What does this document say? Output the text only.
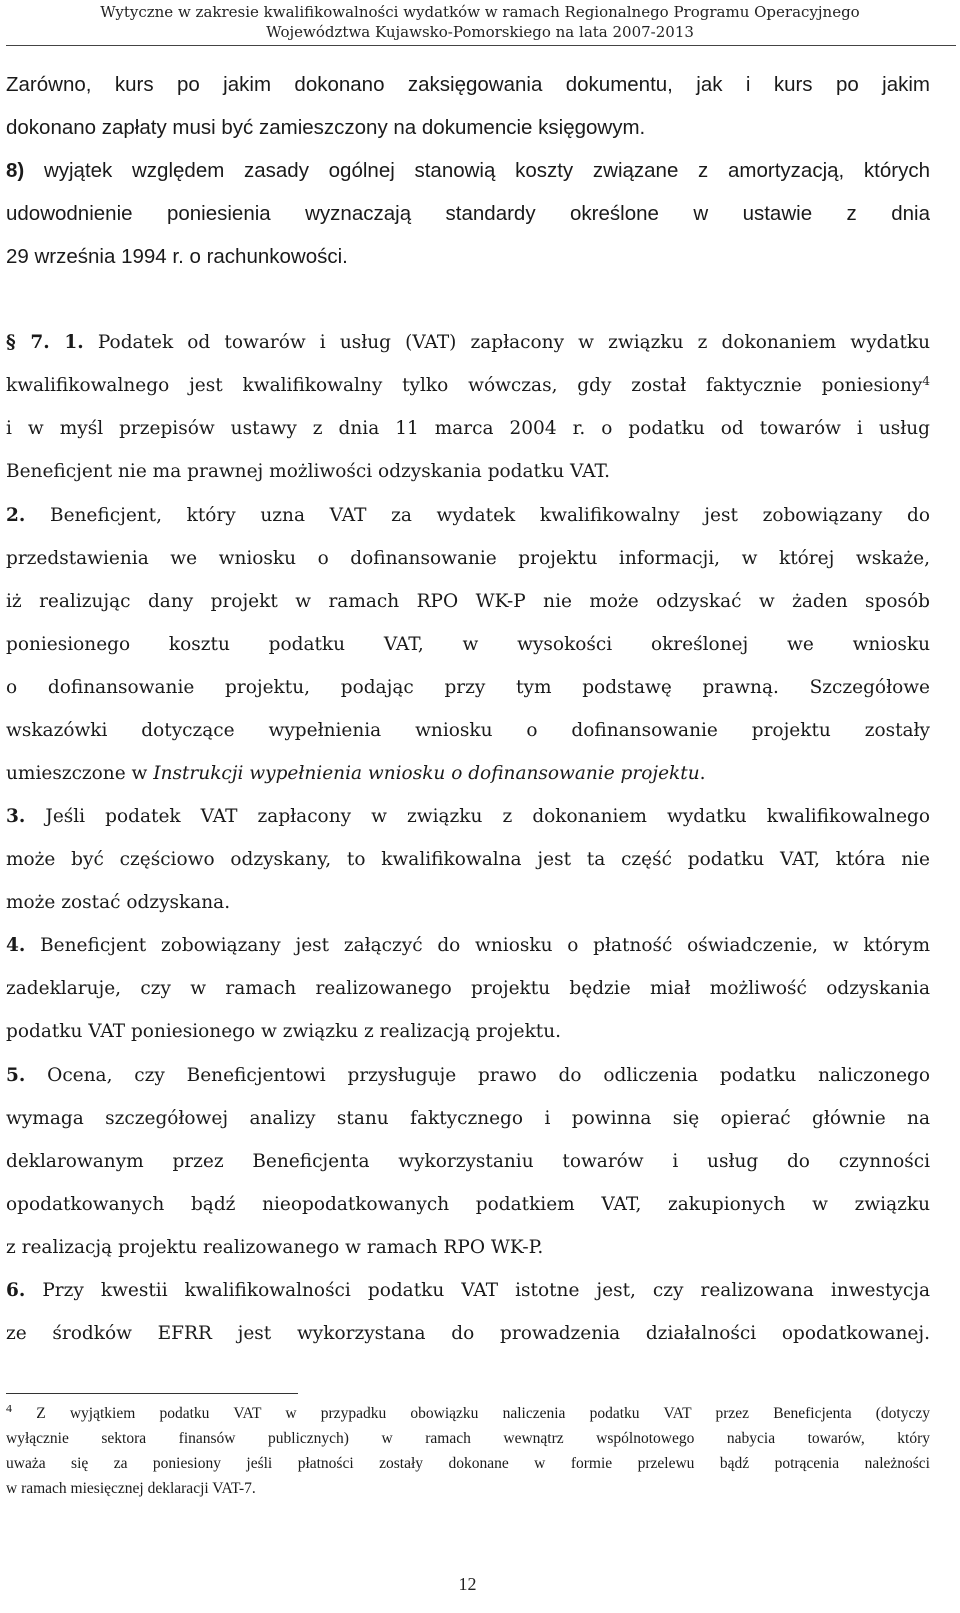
Wytyczne w zakresie kwalifikowalności wydatków w ramach Regionalnego Programu Operacyjnego
Województwa Kujawsko-Pomorskiego na lata 2007-2013
Zarówno, kurs po jakim dokonano zaksięgowania dokumentu, jak i kurs po jakim
dokonano zapłaty musi być zamieszczony na dokumencie księgowym.
8) wyjątek względem zasady ogólnej stanowią koszty związane z amortyzacją, których
udowodnienie poniesienia wyznaczają standardy określone w ustawie z dnia
29 września 1994 r. o rachunkowości.
§ 7. 1. Podatek od towarów i usług (VAT) zapłacony w związku z dokonaniem wydatku
kwalifikowalnego jest kwalifikowalny tylko wówczas, gdy został faktycznie poniesiony$^4$
i w myśl przepisów ustawy z dnia 11 marca 2004 r. o podatku od towarów i usług
Beneficjent nie ma prawnej możliwości odzyskania podatku VAT.
2. Beneficjent, który uzna VAT za wydatek kwalifikowalny jest zobowiązany do
przedstawienia we wniosku o dofinansowanie projektu informacji, w której wskaże,
iż realizując dany projekt w ramach RPO WK-P nie może odzyskać w żaden sposób
poniesionego kosztu podatku VAT, w wysokości określonej we wniosku
o dofinansowanie projektu, podając przy tym podstawę prawną. Szczegółowe
wskazówki dotyczące wypełnienia wniosku o dofinansowanie projektu zostały
umieszczone w Instrukcji wypełnienia wniosku o dofinansowanie projektu.
3. Jeśli podatek VAT zapłacony w związku z dokonaniem wydatku kwalifikowalnego
może być częściowo odzyskany, to kwalifikowalna jest ta część podatku VAT, która nie
może zostać odzyskana.
4. Beneficjent zobowiązany jest załączyć do wniosku o płatność oświadczenie, w którym
zadeklaruje, czy w ramach realizowanego projektu będzie miał możliwość odzyskania
podatku VAT poniesionego w związku z realizacją projektu.
5. Ocena, czy Beneficjentowi przysługuje prawo do odliczenia podatku naliczonego
wymaga szczegółowej analizy stanu faktycznego i powinna się opierać głównie na
deklarowanym przez Beneficjenta wykorzystaniu towarów i usług do czynności
opodatkowanych bądź nieopodatkowanych podatkiem VAT, zakupionych w związku
z realizacją projektu realizowanego w ramach RPO WK-P.
6. Przy kwestii kwalifikowalności podatku VAT istotne jest, czy realizowana inwestycja
ze środków EFRR jest wykorzystana do prowadzenia działalności opodatkowanej.
$^4$ Z wyjątkiem podatku VAT w przypadku obowiązku naliczenia podatku VAT przez Beneficjenta (dotyczy
wyłącznie sektora finansów publicznych) w ramach wewnątrz wspólnotowego nabycia towarów, który
uważa się za poniesiony jeśli płatności zostały dokonane w formie przelewu bądź potrącenia należności
w ramach miesięcznej deklaracji VAT-7.
12
